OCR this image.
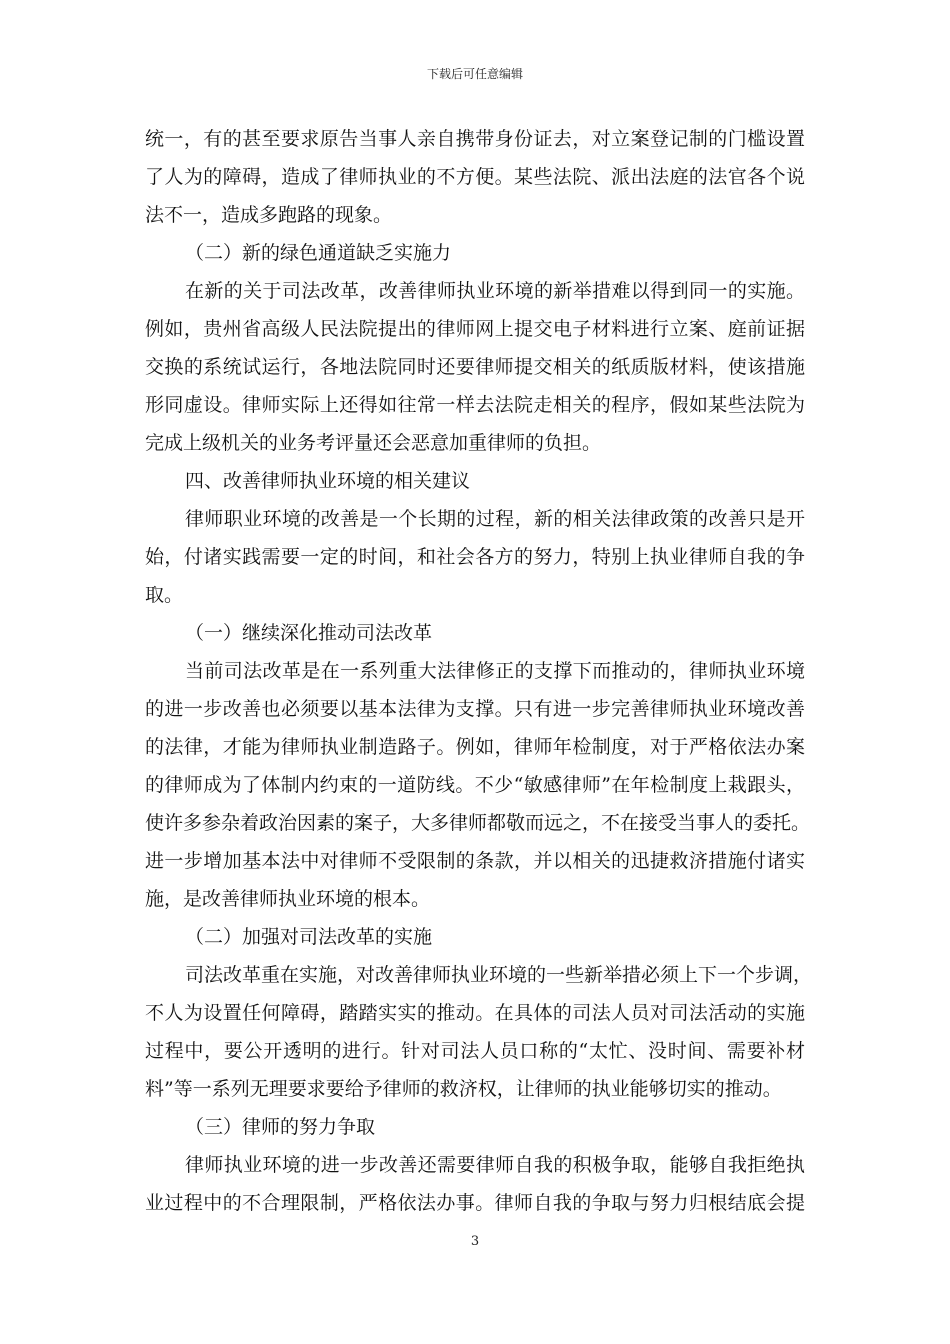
下载后可任意编辑
统一，有的甚至要求原告当事人亲自携带身份证去，对立案登记制的门槛设置
了人为的障碍，造成了律师执业的不方便。某些法院、派出法庭的法官各个说
法不一，造成多跑路的现象。
（二）新的绿色通道缺乏实施力
在新的关于司法改革，改善律师执业环境的新举措难以得到同一的实施。
例如，贵州省高级人民法院提出的律师网上提交电子材料进行立案、庭前证据
交换的系统试运行，各地法院同时还要律师提交相关的纸质版材料，使该措施
形同虚设。律师实际上还得如往常一样去法院走相关的程序，假如某些法院为
完成上级机关的业务考评量还会恶意加重律师的负担。
四、改善律师执业环境的相关建议
律师职业环境的改善是一个长期的过程，新的相关法律政策的改善只是开
始，付诸实践需要一定的时间，和社会各方的努力，特别上执业律师自我的争
取。
（一）继续深化推动司法改革
当前司法改革是在一系列重大法律修正的支撑下而推动的，律师执业环境
的进一步改善也必须要以基本法律为支撑。只有进一步完善律师执业环境改善
的法律，才能为律师执业制造路子。例如，律师年检制度，对于严格依法办案
的律师成为了体制内约束的一道防线。不少“敏感律师”在年检制度上栽跟头，
使许多参杂着政治因素的案子，大多律师都敬而远之，不在接受当事人的委托。
进一步增加基本法中对律师不受限制的条款，并以相关的迅捷救济措施付诸实
施，是改善律师执业环境的根本。
（二）加强对司法改革的实施
司法改革重在实施，对改善律师执业环境的一些新举措必须上下一个步调，
不人为设置任何障碍，踏踏实实的推动。在具体的司法人员对司法活动的实施
过程中，要公开透明的进行。针对司法人员口称的“太忙、没时间、需要补材
料”等一系列无理要求要给予律师的救济权，让律师的执业能够切实的推动。
（三）律师的努力争取
律师执业环境的进一步改善还需要律师自我的积极争取，能够自我拒绝执
业过程中的不合理限制，严格依法办事。律师自我的争取与努力归根结底会提
3
